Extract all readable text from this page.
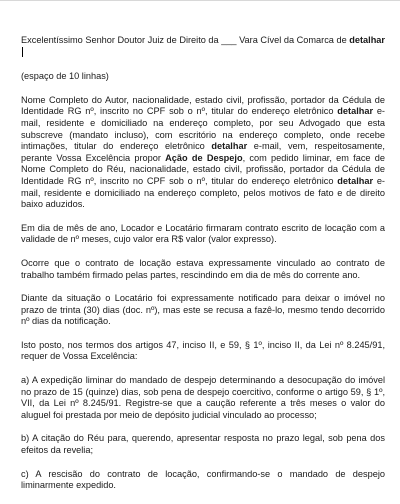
Excelentíssimo Senhor Doutor Juiz de Direito da ___ Vara Cível da Comarca de detalhar

(espaço de 10 linhas)

Nome Completo do Autor, nacionalidade, estado civil, profissão, portador da Cédula de Identidade RG nº, inscrito no CPF sob o nº, titular do endereço eletrônico detalhar e-mail, residente e domiciliado na endereço completo, por seu Advogado que esta subscreve (mandato incluso), com escritório na endereço completo, onde recebe intimações, titular do endereço eletrônico detalhar e-mail, vem, respeitosamente, perante Vossa Excelência propor Ação de Despejo, com pedido liminar, em face de Nome Completo do Réu, nacionalidade, estado civil, profissão, portador da Cédula de Identidade RG nº, inscrito no CPF sob o nº, titular do endereço eletrônico detalhar e-mail, residente e domiciliado na endereço completo, pelos motivos de fato e de direito baixo aduzidos.

Em dia de mês de ano, Locador e Locatário firmaram contrato escrito de locação com a validade de nº meses, cujo valor era R$ valor (valor expresso).

Ocorre que o contrato de locação estava expressamente vinculado ao contrato de trabalho também firmado pelas partes, rescindindo em dia de mês do corrente ano.

Diante da situação o Locatário foi expressamente notificado para deixar o imóvel no prazo de trinta (30) dias (doc. nº), mas este se recusa a fazê-lo, mesmo tendo decorrido nº dias da notificação.

Isto posto, nos termos dos artigos 47, inciso II, e 59, § 1º, inciso II, da Lei nº 8.245/91, requer de Vossa Excelência:

a) A expedição liminar do mandado de despejo determinando a desocupação do imóvel no prazo de 15 (quinze) dias, sob pena de despejo coercitivo, conforme o artigo 59, § 1º, VII, da Lei nº 8.245/91. Registre-se que a caução referente a três meses o valor do aluguel foi prestada por meio de depósito judicial vinculado ao processo;

b) A citação do Réu para, querendo, apresentar resposta no prazo legal, sob pena dos efeitos da revelia;

c) A rescisão do contrato de locação, confirmando-se o mandado de despejo liminarmente expedido.
